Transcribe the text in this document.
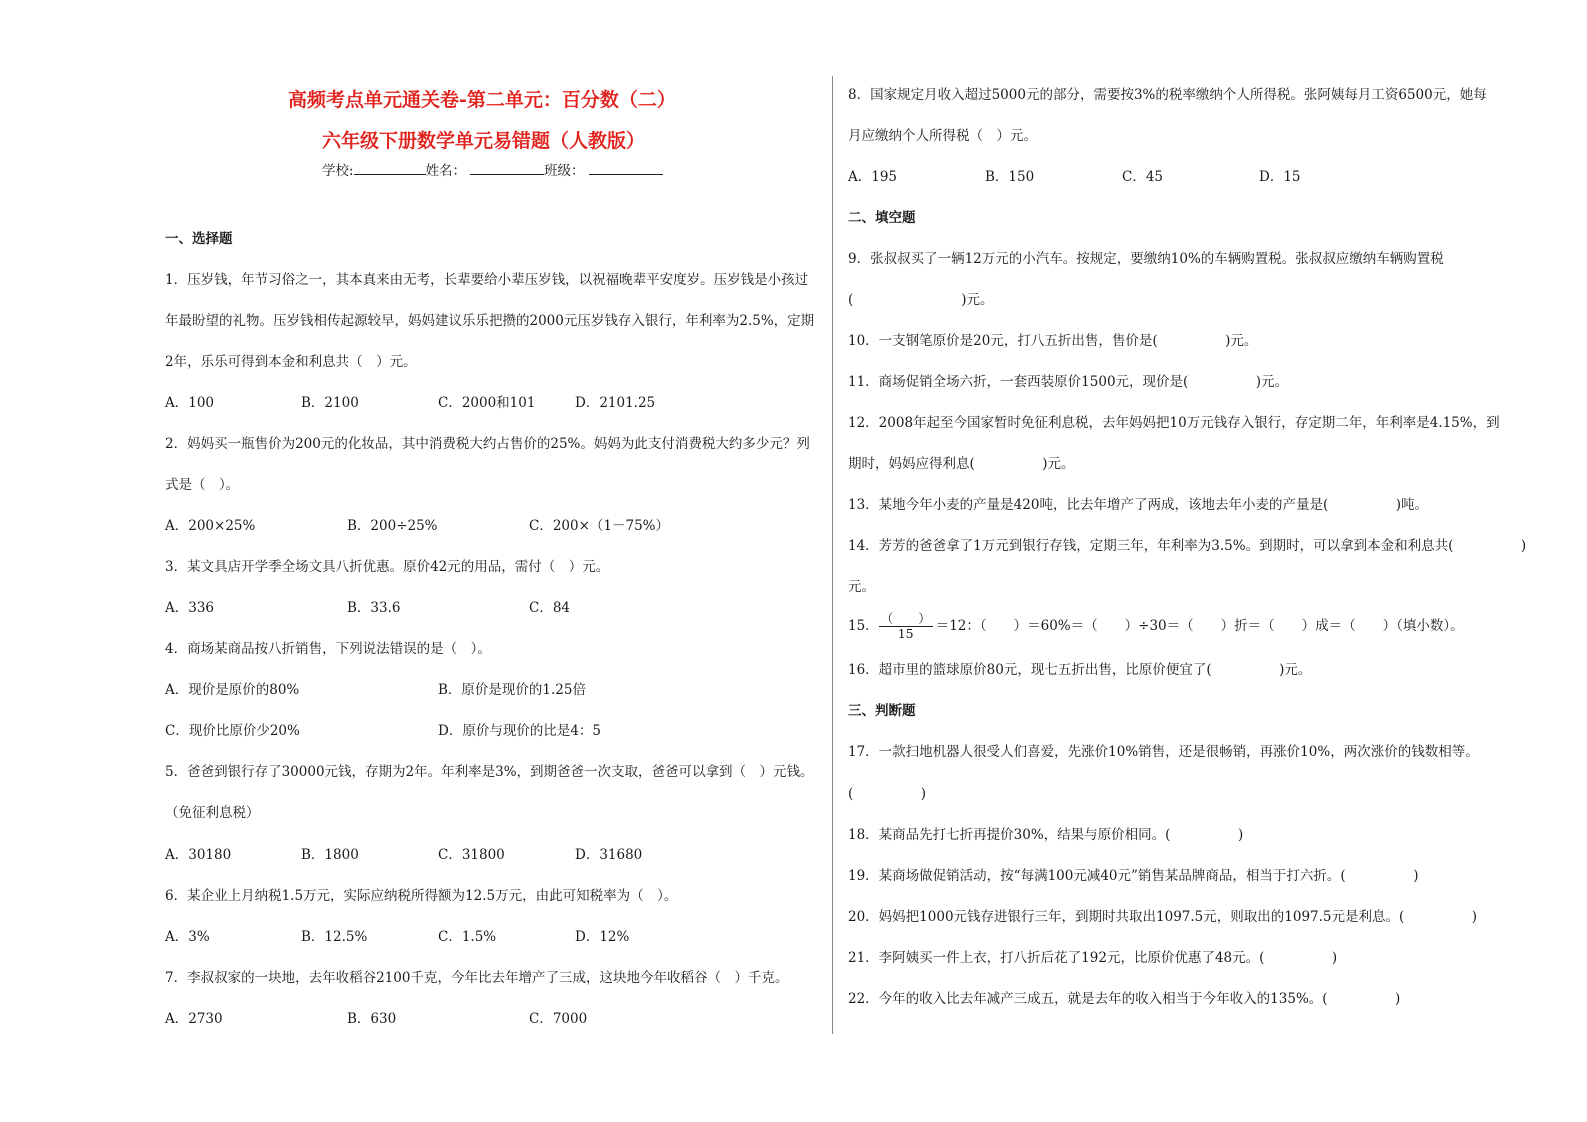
高频考点单元通关卷-第二单元：百分数（二）
六年级下册数学单元易错题（人教版）
学校:	姓名：	班级：
一、选择题
1．压岁钱，年节习俗之一，其本真来由无考，长辈要给小辈压岁钱，以祝福晚辈平安度岁。压岁钱是小孩过
年最盼望的礼物。压岁钱相传起源较早，妈妈建议乐乐把攒的2000元压岁钱存入银行，年利率为2.5%，定期
2年，乐乐可得到本金和利息共（　）元。
A．100	B．2100	C．2000和101	D．2101.25
2．妈妈买一瓶售价为200元的化妆品，其中消费税大约占售价的25%。妈妈为此支付消费税大约多少元？列
式是（　）。
A．200×25%	B．200÷25%	C．200×（1－75%）
3．某文具店开学季全场文具八折优惠。原价42元的用品，需付（　）元。
A．336	B．33.6	C．84
4．商场某商品按八折销售，下列说法错误的是（　）。
A．现价是原价的80%	B．原价是现价的1.25倍
C．现价比原价少20%	D．原价与现价的比是4：5
5．爸爸到银行存了30000元钱，存期为2年。年利率是3%，到期爸爸一次支取，爸爸可以拿到（　）元钱。
（免征利息税）
A．30180	B．1800	C．31800	D．31680
6．某企业上月纳税1.5万元，实际应纳税所得额为12.5万元，由此可知税率为（　）。
A．3%	B．12.5%	C．1.5%	D．12%
7．李叔叔家的一块地，去年收稻谷2100千克，今年比去年增产了三成，这块地今年收稻谷（　）千克。
A．2730	B．630	C．7000
8．国家规定月收入超过5000元的部分，需要按3%的税率缴纳个人所得税。张阿姨每月工资6500元，她每
月应缴纳个人所得税（　）元。
A．195	B．150	C．45	D．15
二、填空题
9．张叔叔买了一辆12万元的小汽车。按规定，要缴纳10%的车辆购置税。张叔叔应缴纳车辆购置税
(　　　　　　　　)元。
10．一支钢笔原价是20元，打八五折出售，售价是(　　　　　)元。
11．商场促销全场六折，一套西装原价1500元，现价是(　　　　　)元。
12．2008年起至今国家暂时免征利息税，去年妈妈把10万元钱存入银行，存定期二年，年利率是4.15%，到
期时，妈妈应得利息(　　　　　)元。
13．某地今年小麦的产量是420吨，比去年增产了两成，该地去年小麦的产量是(　　　　　)吨。
14．芳芳的爸爸拿了1万元到银行存钱，定期三年，年利率为3.5%。到期时，可以拿到本金和利息共(　　　　　)
元。
15． $\frac{( )}{15} =12$：（　　）＝60%＝（　　）÷30＝（　　）折＝（　　）成＝（　　）（填小数）。
16．超市里的篮球原价80元，现七五折出售，比原价便宜了(　　　　　)元。
三、判断题
17．一款扫地机器人很受人们喜爱，先涨价10%销售，还是很畅销，再涨价10%，两次涨价的钱数相等。
(　　　　　)
18．某商品先打七折再提价30%，结果与原价相同。(　　　　　)
19．某商场做促销活动，按“每满100元减40元”销售某品牌商品，相当于打六折。(　　　　　)
20．妈妈把1000元钱存进银行三年，到期时共取出1097.5元，则取出的1097.5元是利息。(　　　　　)
21．李阿姨买一件上衣，打八折后花了192元，比原价优惠了48元。(　　　　　)
22．今年的收入比去年减产三成五，就是去年的收入相当于今年收入的135%。(　　　　　)
